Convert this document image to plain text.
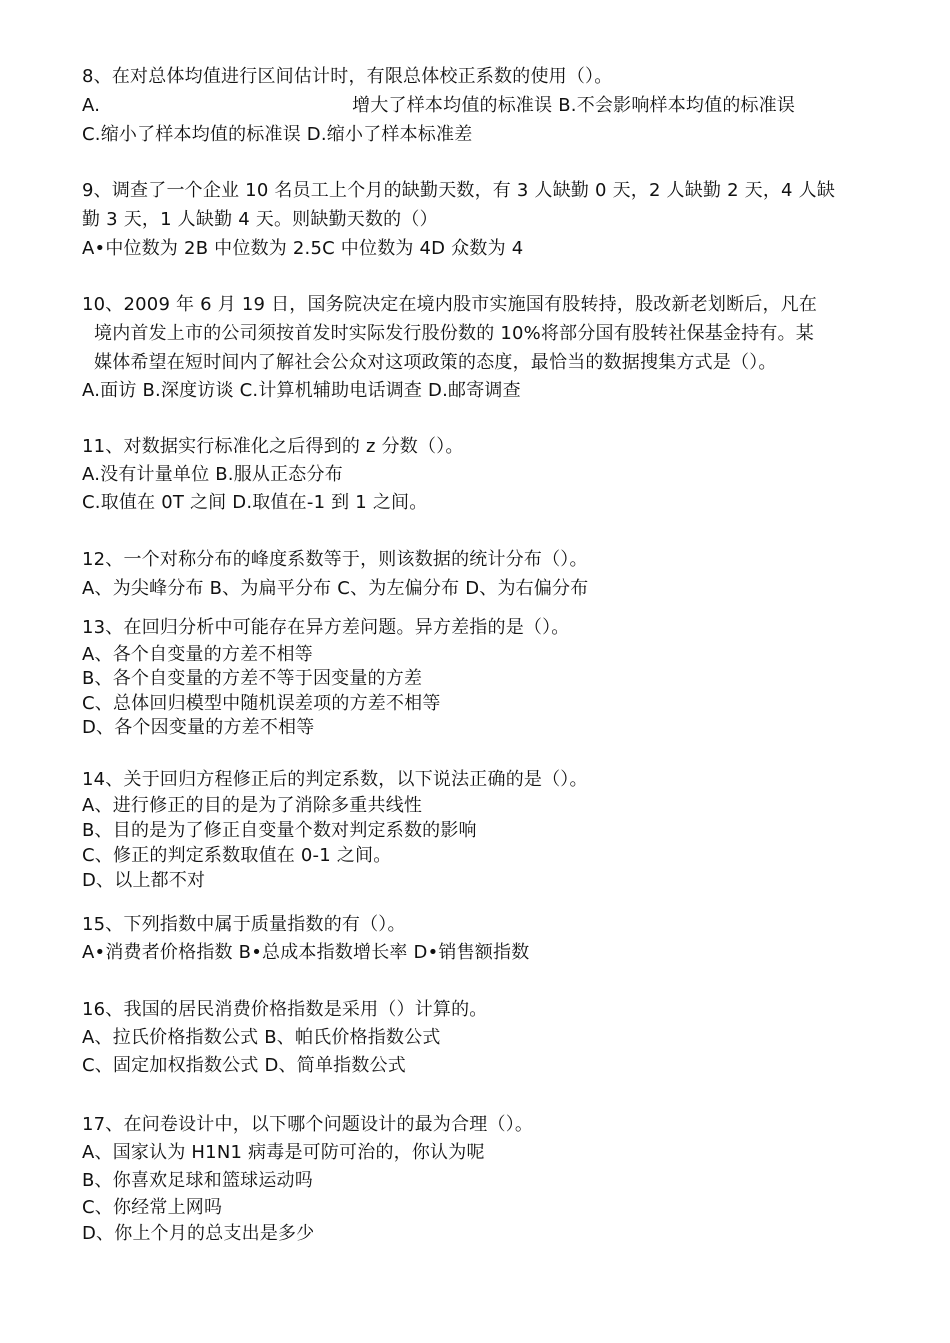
8、在对总体均值进行区间估计时，有限总体校正系数的使用（）。
A.	增大了样本均值的标准误 B.不会影响样本均值的标准误
C.缩小了样本均值的标准误 D.缩小了样本标准差
9、调查了一个企业 10 名员工上个月的缺勤天数，有 3 人缺勤 0 天，2 人缺勤 2 天，4 人缺
勤 3 天，1 人缺勤 4 天。则缺勤天数的（）
A•中位数为 2B 中位数为 2.5C 中位数为 4D 众数为 4
10、2009 年 6 月 19 日，国务院决定在境内股市实施国有股转持，股改新老划断后，凡在
境内首发上市的公司须按首发时实际发行股份数的 10%将部分国有股转社保基金持有。某
媒体希望在短时间内了解社会公众对这项政策的态度，最恰当的数据搜集方式是（）。
A.面访 B.深度访谈 C.计算机辅助电话调查 D.邮寄调查
11、对数据实行标准化之后得到的 z 分数（）。
A.没有计量单位 B.服从正态分布
C.取值在 0T 之间 D.取值在-1 到 1 之间。
12、一个对称分布的峰度系数等于，则该数据的统计分布（）。
A、为尖峰分布 B、为扁平分布 C、为左偏分布 D、为右偏分布
13、在回归分析中可能存在异方差问题。异方差指的是（）。
A、各个自变量的方差不相等
B、各个自变量的方差不等于因变量的方差
C、总体回归模型中随机误差项的方差不相等
D、各个因变量的方差不相等
14、关于回归方程修正后的判定系数，以下说法正确的是（）。
A、进行修正的目的是为了消除多重共线性
B、目的是为了修正自变量个数对判定系数的影响
C、修正的判定系数取值在 0-1 之间。
D、以上都不对
15、下列指数中属于质量指数的有（）。
A•消费者价格指数 B•总成本指数增长率 D•销售额指数
16、我国的居民消费价格指数是采用（）计算的。
A、拉氏价格指数公式 B、帕氏价格指数公式
C、固定加权指数公式 D、简单指数公式
17、在问卷设计中，以下哪个问题设计的最为合理（）。
A、国家认为 H1N1 病毒是可防可治的，你认为呢
B、你喜欢足球和篮球运动吗
C、你经常上网吗
D、你上个月的总支出是多少
